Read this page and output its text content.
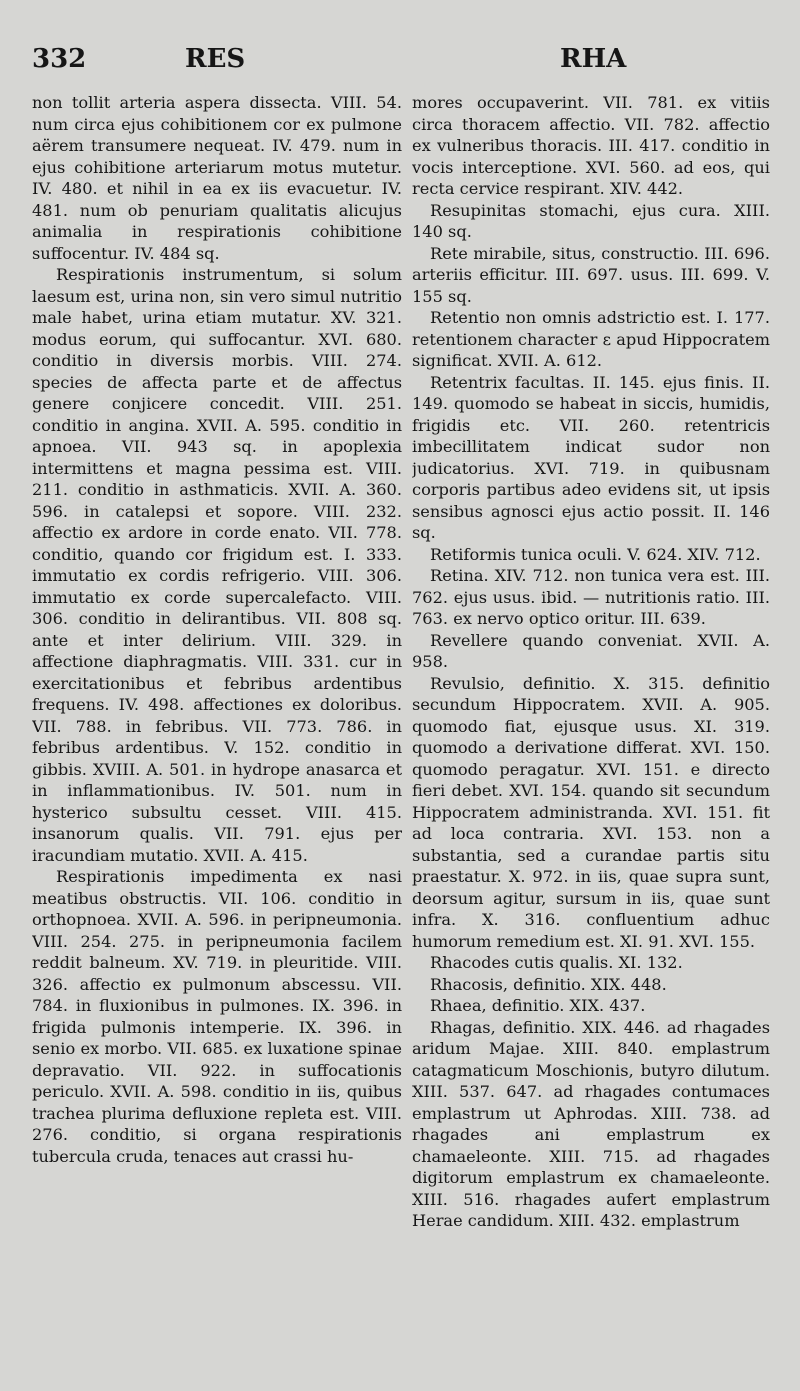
332	RES	RHA

non tollit arteria aspera dissecta. VIII. 54. num circa ejus cohibitionem cor ex pulmone aërem transumere nequeat. IV. 479. num in ejus cohibitione arteriarum motus mutetur. IV. 480. et nihil in ea ex iis evacuetur. IV. 481. num ob penuriam qualitatis alicujus animalia in respirationis cohibitione suffocentur. IV. 484 sq.

Respirationis instrumentum, si solum laesum est, urina non, sin vero simul nutritio male habet, urina etiam mutatur. XV. 321. modus eorum, qui suffocantur. XVI. 680. conditio in diversis morbis. VIII. 274. species de affecta parte et de affectus genere conjicere concedit. VIII. 251. conditio in angina. XVII. A. 595. conditio in apnoea. VII. 943 sq. in apoplexia intermittens et magna pessima est. VIII. 211. conditio in asthmaticis. XVII. A. 360. 596. in catalepsi et sopore. VIII. 232. affectio ex ardore in corde enato. VII. 778. conditio, quando cor frigidum est. I. 333. immutatio ex cordis refrigerio. VIII. 306. immutatio ex corde supercalefacto. VIII. 306. conditio in delirantibus. VII. 808 sq. ante et inter delirium. VIII. 329. in affectione diaphragmatis. VIII. 331. cur in exercitationibus et febribus ardentibus frequens. IV. 498. affectiones ex doloribus. VII. 788. in febribus. VII. 773. 786. in febribus ardentibus. V. 152. conditio in gibbis. XVIII. A. 501. in hydrope anasarca et in inflammationibus. IV. 501. num in hysterico subsultu cesset. VIII. 415. insanorum qualis. VII. 791. ejus per iracundiam mutatio. XVII. A. 415.

Respirationis impedimenta ex nasi meatibus obstructis. VII. 106. conditio in orthopnoea. XVII. A. 596. in peripneumonia. VIII. 254. 275. in peripneumonia facilem reddit balneum. XV. 719. in pleuritide. VIII. 326. affectio ex pulmonum abscessu. VII. 784. in fluxionibus in pulmones. IX. 396. in frigida pulmonis intemperie. IX. 396. in senio ex morbo. VII. 685. ex luxatione spinae depravatio. VII. 922. in suffocationis periculo. XVII. A. 598. conditio in iis, quibus trachea plurima defluxione repleta est. VIII. 276. conditio, si organa respirationis tubercula cruda, tenaces aut crassi hu-

mores occupaverint. VII. 781. ex vitiis circa thoracem affectio. VII. 782. affectio ex vulneribus thoracis. III. 417. conditio in vocis interceptione. XVI. 560. ad eos, qui recta cervice respirant. XIV. 442.

Resupinitas stomachi, ejus cura. XIII. 140 sq.

Rete mirabile, situs, constructio. III. 696. arteriis efficitur. III. 697. usus. III. 699. V. 155 sq.

Retentio non omnis adstrictio est. I. 177. retentionem character ε apud Hippocratem significat. XVII. A. 612.

Retentrix facultas. II. 145. ejus finis. II. 149. quomodo se habeat in siccis, humidis, frigidis etc. VII. 260. retentricis imbecillitatem indicat sudor non judicatorius. XVI. 719. in quibusnam corporis partibus adeo evidens sit, ut ipsis sensibus agnosci ejus actio possit. II. 146 sq.

Retiformis tunica oculi. V. 624. XIV. 712.

Retina. XIV. 712. non tunica vera est. III. 762. ejus usus. ibid. — nutritionis ratio. III. 763. ex nervo optico oritur. III. 639.

Revellere quando conveniat. XVII. A. 958.

Revulsio, definitio. X. 315. definitio secundum Hippocratem. XVII. A. 905. quomodo fiat, ejusque usus. XI. 319. quomodo a derivatione differat. XVI. 150. quomodo peragatur. XVI. 151. e directo fieri debet. XVI. 154. quando sit secundum Hippocratem administranda. XVI. 151. fit ad loca contraria. XVI. 153. non a substantia, sed a curandae partis situ praestatur. X. 972. in iis, quae supra sunt, deorsum agitur, sursum in iis, quae sunt infra. X. 316. confluentium adhuc humorum remedium est. XI. 91. XVI. 155.

Rhacodes cutis qualis. XI. 132.

Rhacosis, definitio. XIX. 448.

Rhaea, definitio. XIX. 437.

Rhagas, definitio. XIX. 446. ad rhagades aridum Majae. XIII. 840. emplastrum catagmaticum Moschionis, butyro dilutum. XIII. 537. 647. ad rhagades contumaces emplastrum ut Aphrodas. XIII. 738. ad rhagades ani emplastrum ex chamaeleonte. XIII. 715. ad rhagades digitorum emplastrum ex chamaeleonte. XIII. 516. rhagades aufert emplastrum Herae candidum. XIII. 432. emplastrum
